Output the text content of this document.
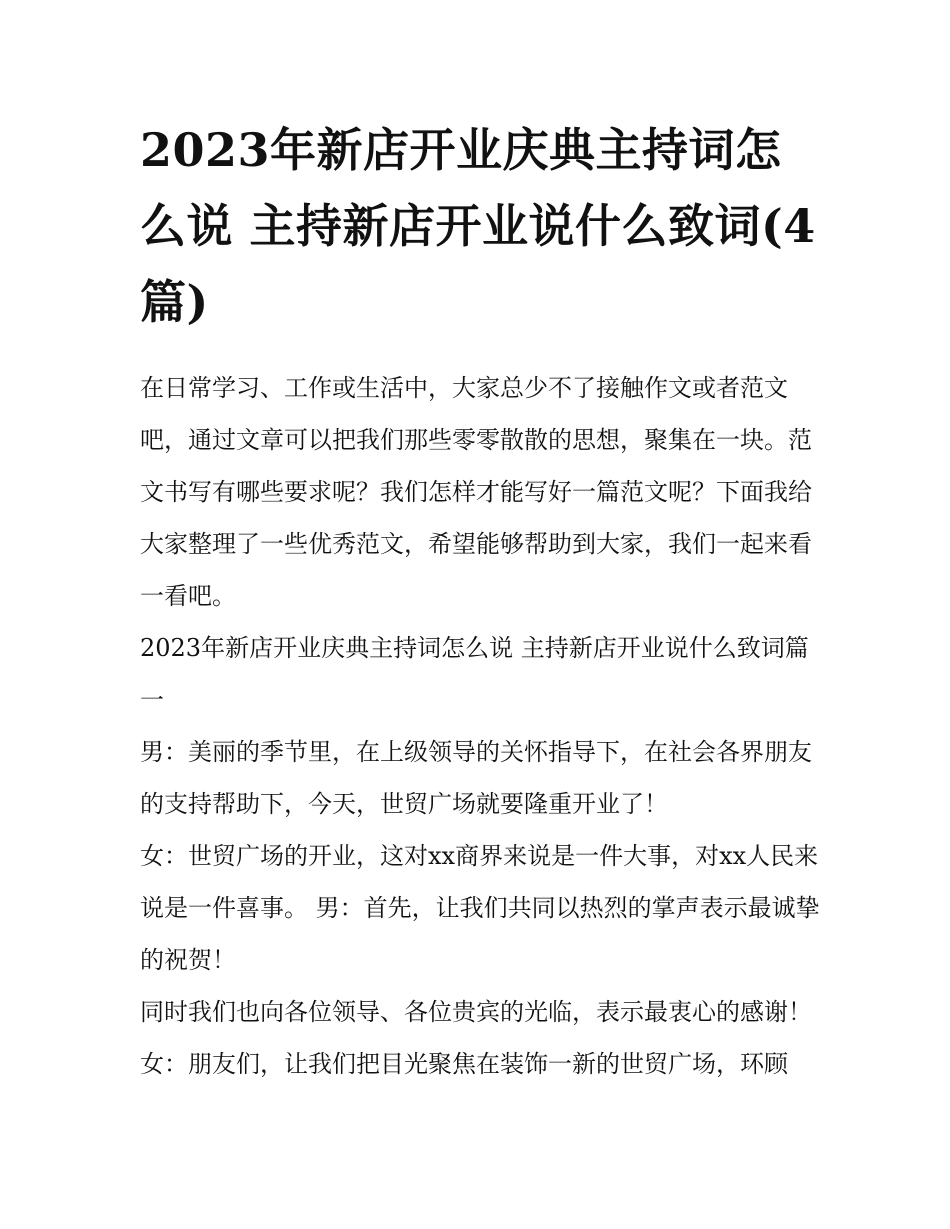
2023年新店开业庆典主持词怎么说 主持新店开业说什么致词(4篇)

在日常学习、工作或生活中，大家总少不了接触作文或者范文吧，通过文章可以把我们那些零零散散的思想，聚集在一块。范文书写有哪些要求呢？我们怎样才能写好一篇范文呢？下面我给大家整理了一些优秀范文，希望能够帮助到大家，我们一起来看一看吧。

2023年新店开业庆典主持词怎么说 主持新店开业说什么致词篇一

男：美丽的季节里，在上级领导的关怀指导下，在社会各界朋友的支持帮助下，今天，世贸广场就要隆重开业了！

女：世贸广场的开业，这对xx商界来说是一件大事，对xx人民来说是一件喜事。 男：首先，让我们共同以热烈的掌声表示最诚挚的祝贺！

同时我们也向各位领导、各位贵宾的光临，表示最衷心的感谢！

女：朋友们，让我们把目光聚焦在装饰一新的世贸广场，环顾
